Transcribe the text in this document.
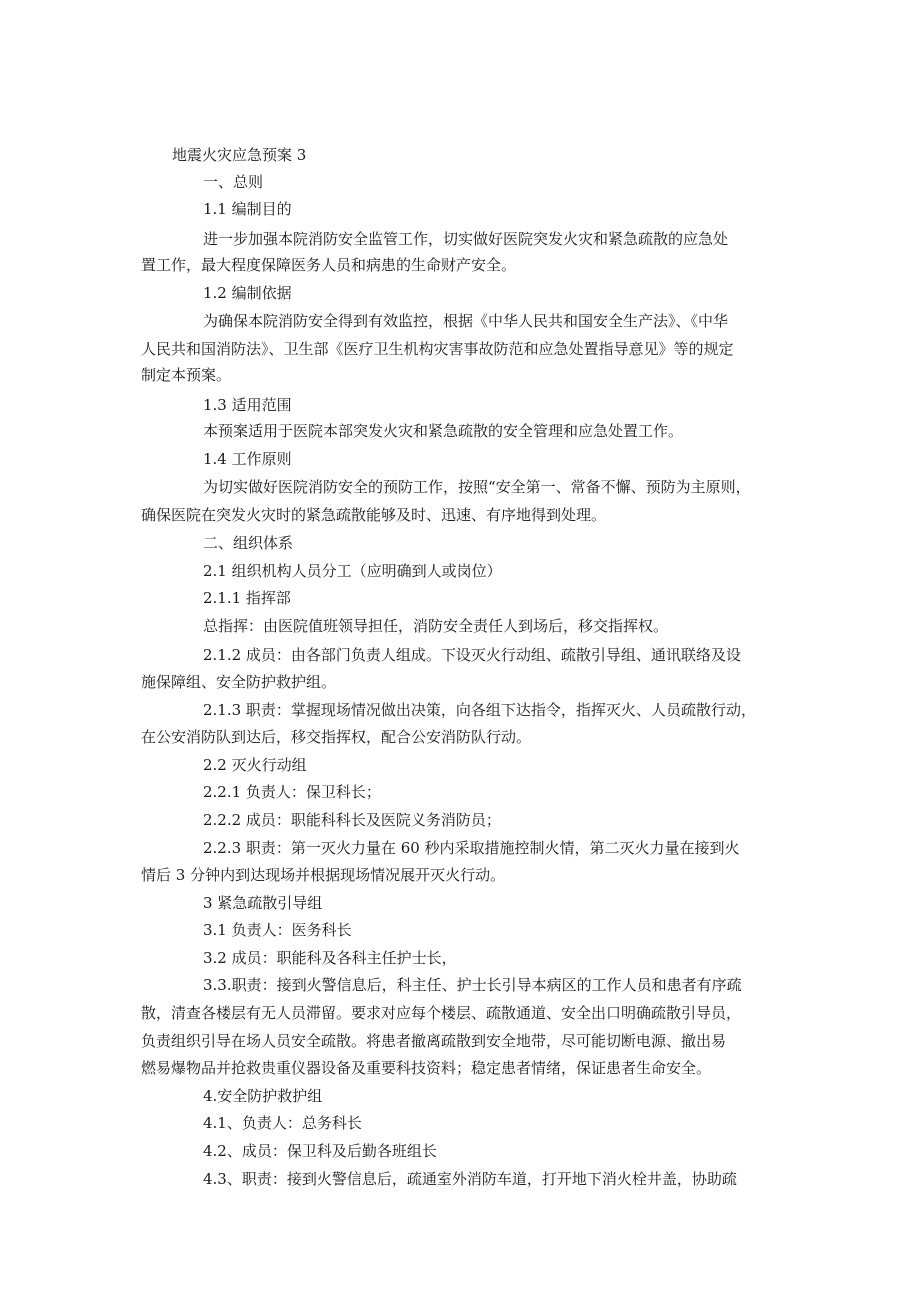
地震火灾应急预案 3

一、总则

1.1 编制目的

进一步加强本院消防安全监管工作，切实做好医院突发火灾和紧急疏散的应急处

置工作，最大程度保障医务人员和病患的生命财产安全。

1.2 编制依据

为确保本院消防安全得到有效监控，根据《中华人民共和国安全生产法》、《中华

人民共和国消防法》、卫生部《医疗卫生机构灾害事故防范和应急处置指导意见》等的规定

制定本预案。

1.3 适用范围

本预案适用于医院本部突发火灾和紧急疏散的安全管理和应急处置工作。

1.4 工作原则

为切实做好医院消防安全的预防工作，按照“安全第一、常备不懈、预防为主原则，

确保医院在突发火灾时的紧急疏散能够及时、迅速、有序地得到处理。

二、组织体系

2.1 组织机构人员分工（应明确到人或岗位）

2.1.1 指挥部

总指挥：由医院值班领导担任，消防安全责任人到场后，移交指挥权。

2.1.2 成员：由各部门负责人组成。下设灭火行动组、疏散引导组、通讯联络及设

施保障组、安全防护救护组。

2.1.3 职责：掌握现场情况做出决策，向各组下达指令，指挥灭火、人员疏散行动，

在公安消防队到达后，移交指挥权，配合公安消防队行动。

2.2 灭火行动组

2.2.1 负责人：保卫科长；

2.2.2 成员：职能科科长及医院义务消防员；

2.2.3 职责：第一灭火力量在 60 秒内采取措施控制火情，第二灭火力量在接到火

情后 3 分钟内到达现场并根据现场情况展开灭火行动。

3 紧急疏散引导组

3.1 负责人：医务科长

3.2 成员：职能科及各科主任护士长，

3.3.职责：接到火警信息后，科主任、护士长引导本病区的工作人员和患者有序疏

散，清查各楼层有无人员滞留。要求对应每个楼层、疏散通道、安全出口明确疏散引导员，

负责组织引导在场人员安全疏散。将患者撤离疏散到安全地带，尽可能切断电源、撤出易

燃易爆物品并抢救贵重仪器设备及重要科技资料；稳定患者情绪，保证患者生命安全。

4.安全防护救护组

4.1、负责人：总务科长

4.2、成员：保卫科及后勤各班组长

4.3、职责：接到火警信息后，疏通室外消防车道，打开地下消火栓井盖，协助疏
